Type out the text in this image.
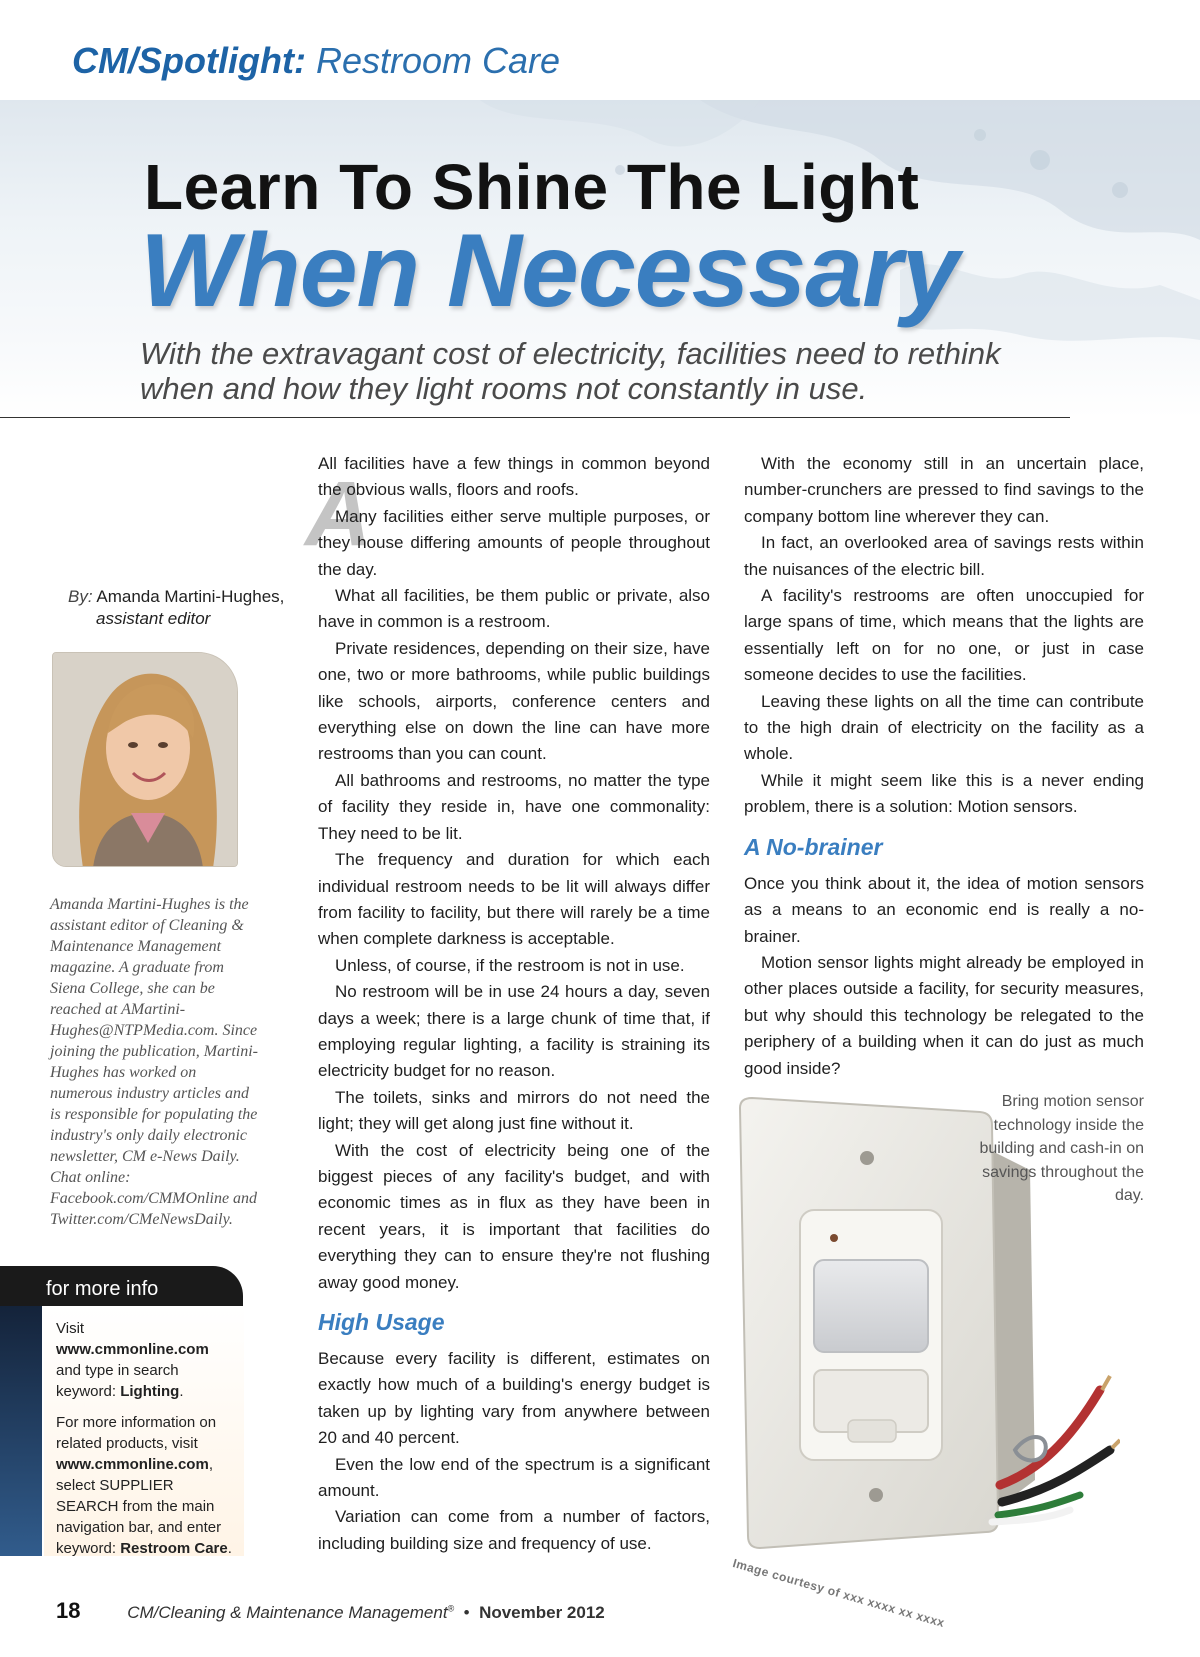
CM/Spotlight: Restroom Care
Learn To Shine The Light
When Necessary
With the extravagant cost of electricity, facilities need to rethink when and how they light rooms not constantly in use.
By: Amanda Martini-Hughes,
assistant editor
Amanda Martini-Hughes is the assistant editor of Cleaning & Maintenance Management magazine. A graduate from Siena College, she can be reached at AMartini-Hughes@NTPMedia.com. Since joining the publication, Martini-Hughes has worked on numerous industry articles and is responsible for populating the industry's only daily electronic newsletter, CM e-News Daily. Chat online: Facebook.com/CMMOnline and Twitter.com/CMeNewsDaily.
for more info

Visit www.cmmonline.com and type in search keyword: Lighting.

For more information on related products, visit www.cmmonline.com, select SUPPLIER SEARCH from the main navigation bar, and enter keyword: Restroom Care.

A

All facilities have a few things in common beyond the obvious walls, floors and roofs.

Many facilities either serve multiple purposes, or they house differing amounts of people throughout the day.

What all facilities, be them public or private, also have in common is a restroom.

Private residences, depending on their size, have one, two or more bathrooms, while public buildings like schools, airports, conference centers and everything else on down the line can have more restrooms than you can count.

All bathrooms and restrooms, no matter the type of facility they reside in, have one commonality: They need to be lit.

The frequency and duration for which each individual restroom needs to be lit will always differ from facility to facility, but there will rarely be a time when complete darkness is acceptable.

Unless, of course, if the restroom is not in use.

No restroom will be in use 24 hours a day, seven days a week; there is a large chunk of time that, if employing regular lighting, a facility is straining its electricity budget for no reason.

The toilets, sinks and mirrors do not need the light; they will get along just fine without it.

With the cost of electricity being one of the biggest pieces of any facility's budget, and with economic times as in flux as they have been in recent years, it is important that facilities do everything they can to ensure they're not flushing away good money.

High Usage

Because every facility is different, estimates on exactly how much of a building's energy budget is taken up by lighting vary from anywhere between 20 and 40 percent.

Even the low end of the spectrum is a significant amount.

Variation can come from a number of factors, including building size and frequency of use.

With the economy still in an uncertain place, number-crunchers are pressed to find savings to the company bottom line wherever they can.

In fact, an overlooked area of savings rests within the nuisances of the electric bill.

A facility's restrooms are often unoccupied for large spans of time, which means that the lights are essentially left on for no one, or just in case someone decides to use the facilities.

Leaving these lights on all the time can contribute to the high drain of electricity on the facility as a whole.

While it might seem like this is a never ending problem, there is a solution: Motion sensors.

A No-brainer

Once you think about it, the idea of motion sensors as a means to an economic end is really a no-brainer.

Motion sensor lights might already be employed in other places outside a facility, for security measures, but why should this technology be relegated to the periphery of a building when it can do just as much good inside?

Bring motion sensor technology inside the building and cash-in on savings throughout the day.
Image courtesy of xxx xxxx xx xxxx
18	CM/Cleaning & Maintenance Management® • November 2012
